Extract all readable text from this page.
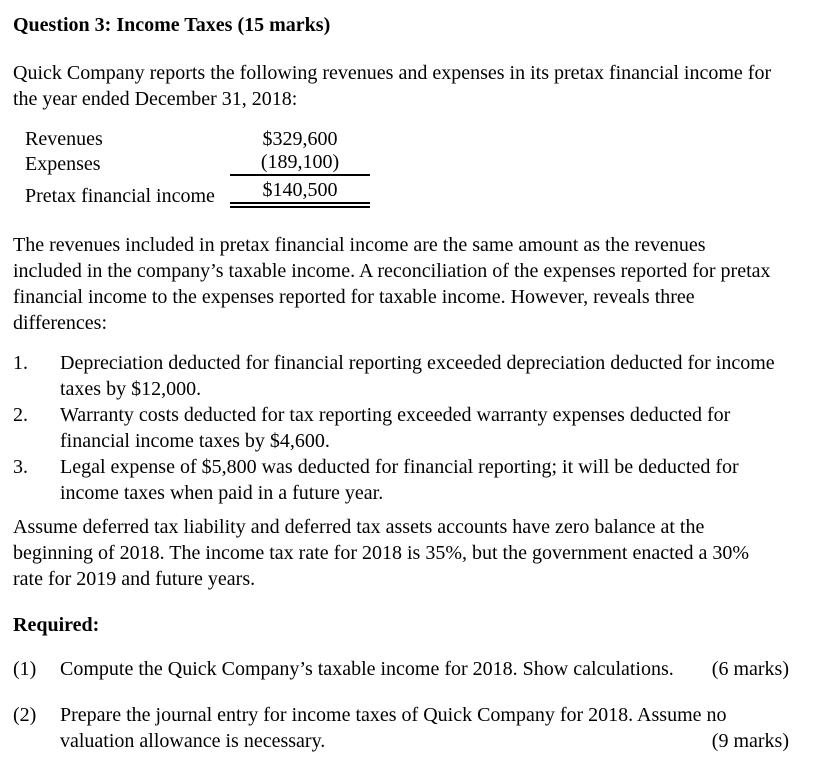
Question 3: Income Taxes (15 marks)
Quick Company reports the following revenues and expenses in its pretax financial income for
the year ended December 31, 2018:
Revenues	$329,600
Expenses	(189,100)
Pretax financial income	$140,500
The revenues included in pretax financial income are the same amount as the revenues
included in the company’s taxable income. A reconciliation of the expenses reported for pretax
financial income to the expenses reported for taxable income. However, reveals three
differences:
1.	Depreciation deducted for financial reporting exceeded depreciation deducted for income
taxes by $12,000.
2.	Warranty costs deducted for tax reporting exceeded warranty expenses deducted for
financial income taxes by $4,600.
3.	Legal expense of $5,800 was deducted for financial reporting; it will be deducted for
income taxes when paid in a future year.
Assume deferred tax liability and deferred tax assets accounts have zero balance at the
beginning of 2018. The income tax rate for 2018 is 35%, but the government enacted a 30%
rate for 2019 and future years.
Required:
(1)	Compute the Quick Company’s taxable income for 2018. Show calculations.	(6 marks)
(2)	Prepare the journal entry for income taxes of Quick Company for 2018. Assume no
valuation allowance is necessary.	(9 marks)
